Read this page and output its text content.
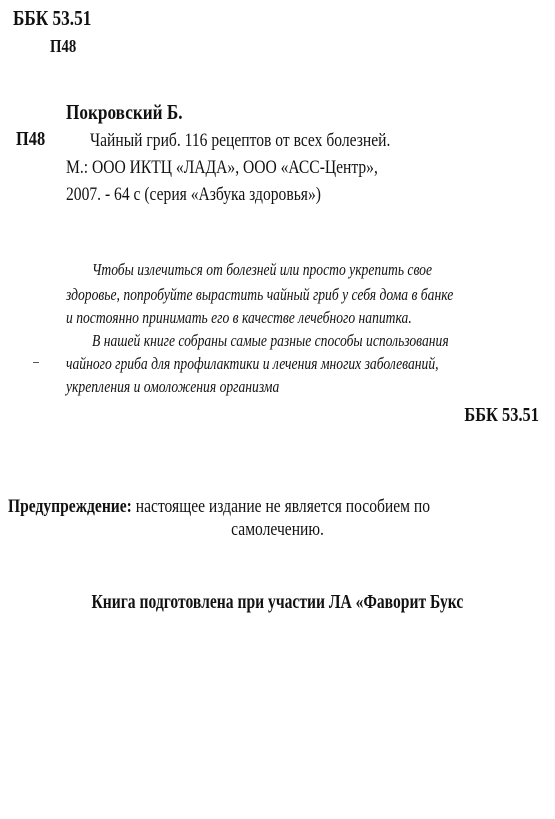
ББК 53.51
П48
Покровский Б.
П48 Чайный гриб. 116 рецептов от всех болезней.
М.: ООО ИКТЦ «ЛАДА», ООО «АСС-Центр»,
2007. - 64 с (серия «Азбука здоровья»)
Чтобы излечиться от болезней или просто укрепить свое
здоровье, попробуйте вырастить чайный гриб у себя дома в банке
и постоянно принимать его в качестве лечебного напитка.
В нашей книге собраны самые разные способы использования
чайного гриба для профилактики и лечения многих заболеваний,
укрепления и омоложения организма
ББК 53.51
Предупреждение: настоящее издание не является пособием по
самолечению.
Книга подготовлена при участии ЛА «Фаворит Букс
